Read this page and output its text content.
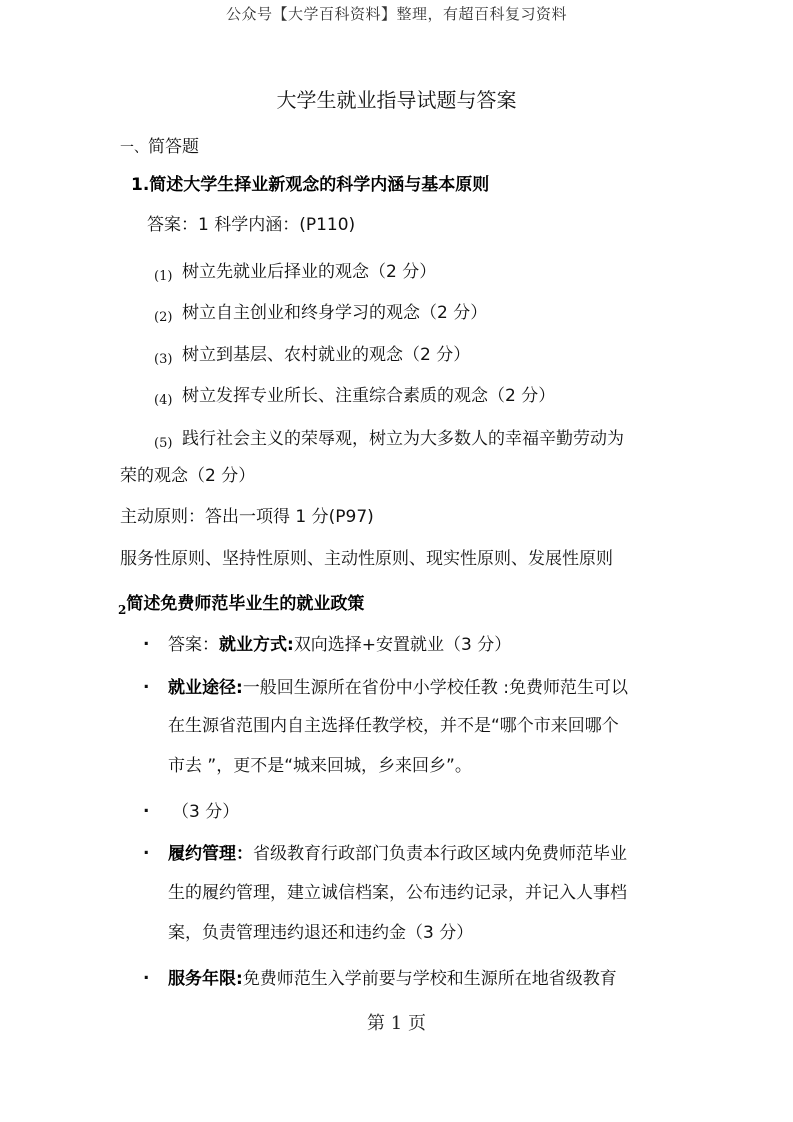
公众号【大学百科资料】整理，有超百科复习资料
大学生就业指导试题与答案
一、简答题
1.简述大学生择业新观念的科学内涵与基本原则
答案：1 科学内涵：(P110)
(1) 树立先就业后择业的观念（2 分）
(2) 树立自主创业和终身学习的观念（2 分）
(3) 树立到基层、农村就业的观念（2 分）
(4) 树立发挥专业所长、注重综合素质的观念（2 分）
(5) 践行社会主义的荣辱观，树立为大多数人的幸福辛勤劳动为
荣的观念（2 分）
主动原则：答出一项得 1 分(P97)
服务性原则、坚持性原则、主动性原则、现实性原则、发展性原则
$_2$简述免费师范毕业生的就业政策
. 答案：就业方式:双向选择+安置就业（3 分）
. 就业途径:一般回生源所在省份中小学校任教 :免费师范生可以
在生源省范围内自主选择任教学校，并不是“哪个市来回哪个
市去 ”，更不是“城来回城，乡来回乡”。
. （3 分）
. 履约管理：省级教育行政部门负责本行政区域内免费师范毕业
生的履约管理，建立诚信档案，公布违约记录，并记入人事档
案，负责管理违约退还和违约金（3 分）
. 服务年限:免费师范生入学前要与学校和生源所在地省级教育
第 1 页
